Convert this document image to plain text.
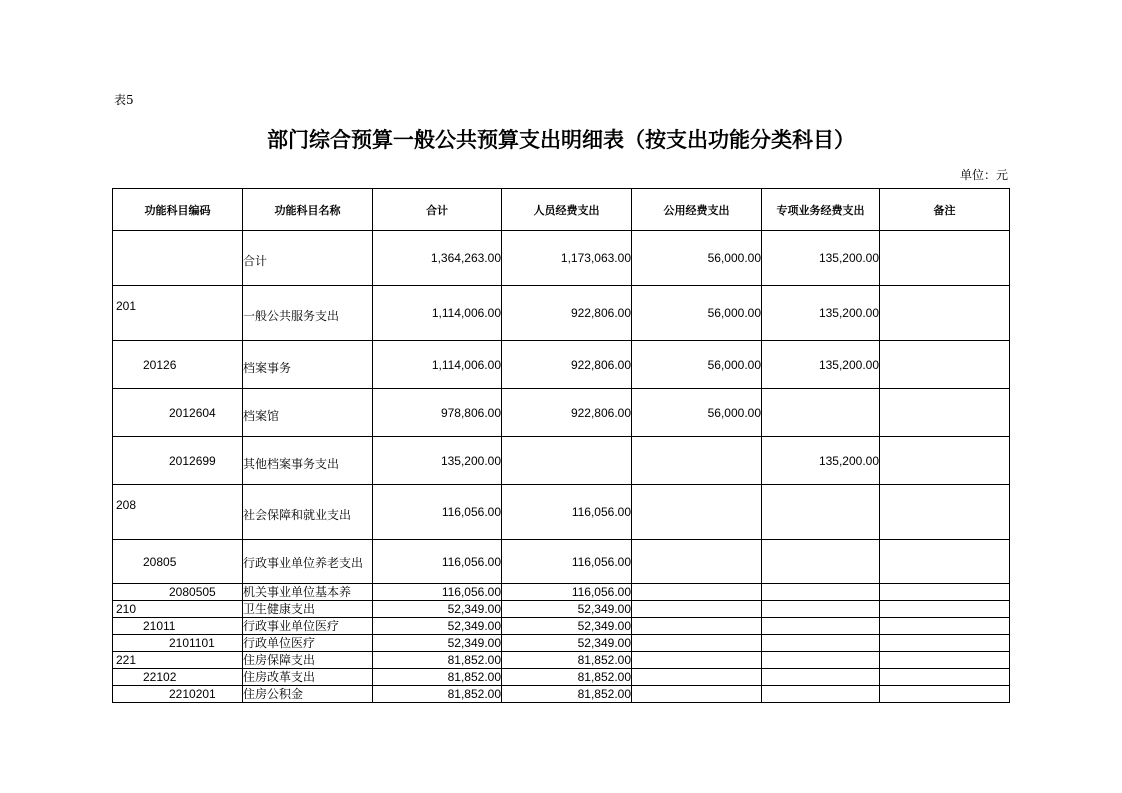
表5
部门综合预算一般公共预算支出明细表（按支出功能分类科目）
单位：元
功能科目编码	功能科目名称	合计	人员经费支出	公用经费支出	专项业务经费支出	备注
	合计	1,364,263.00	1,173,063.00	56,000.00	135,200.00	
201	一般公共服务支出	1,114,006.00	922,806.00	56,000.00	135,200.00	
20126	档案事务	1,114,006.00	922,806.00	56,000.00	135,200.00	
2012604	档案馆	978,806.00	922,806.00	56,000.00		
2012699	其他档案事务支出	135,200.00			135,200.00	
208	社会保障和就业支出	116,056.00	116,056.00			
20805	行政事业单位养老支出	116,056.00	116,056.00			
2080505	机关事业单位基本养	116,056.00	116,056.00			
210	卫生健康支出	52,349.00	52,349.00			
21011	行政事业单位医疗	52,349.00	52,349.00			
2101101	行政单位医疗	52,349.00	52,349.00			
221	住房保障支出	81,852.00	81,852.00			
22102	住房改革支出	81,852.00	81,852.00			
2210201	住房公积金	81,852.00	81,852.00			
